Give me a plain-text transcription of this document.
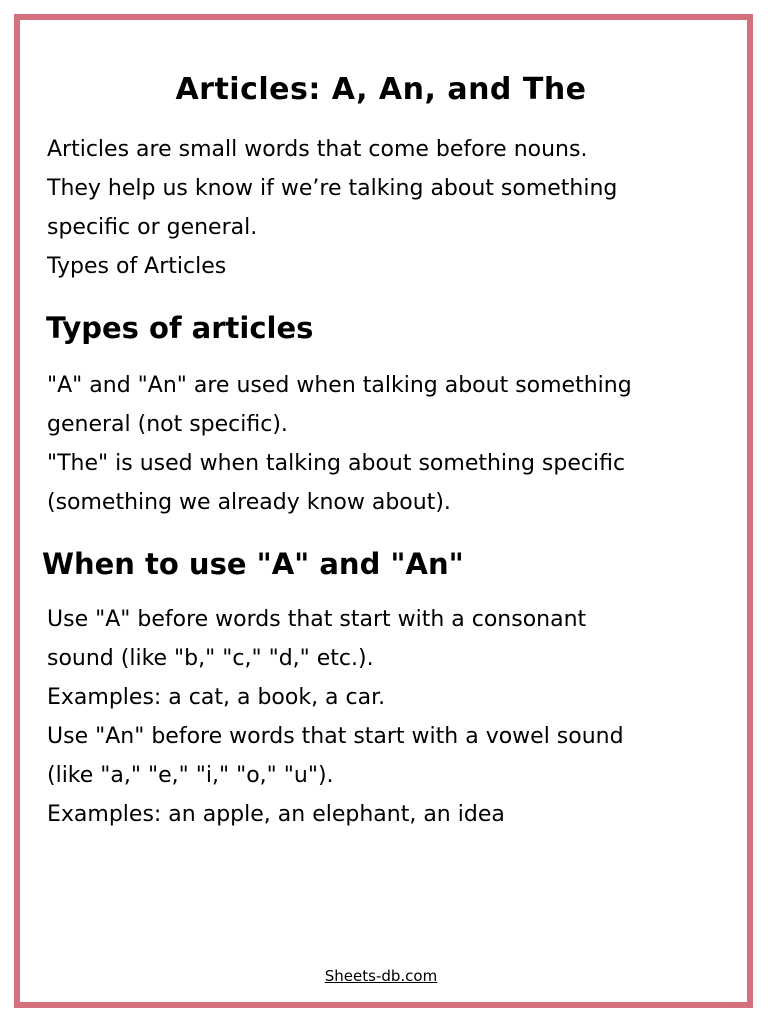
Articles: A, An, and The
Articles are small words that come before nouns.
They help us know if we’re talking about something
specific or general.
Types of Articles
Types of articles
"A" and "An" are used when talking about something
general (not specific).
"The" is used when talking about something specific
(something we already know about).
When to use "A" and "An"
Use "A" before words that start with a consonant
sound (like "b," "c," "d," etc.).
Examples: a cat, a book, a car.
Use "An" before words that start with a vowel sound
(like "a," "e," "i," "o," "u").
Examples: an apple, an elephant, an idea
Sheets-db.com
